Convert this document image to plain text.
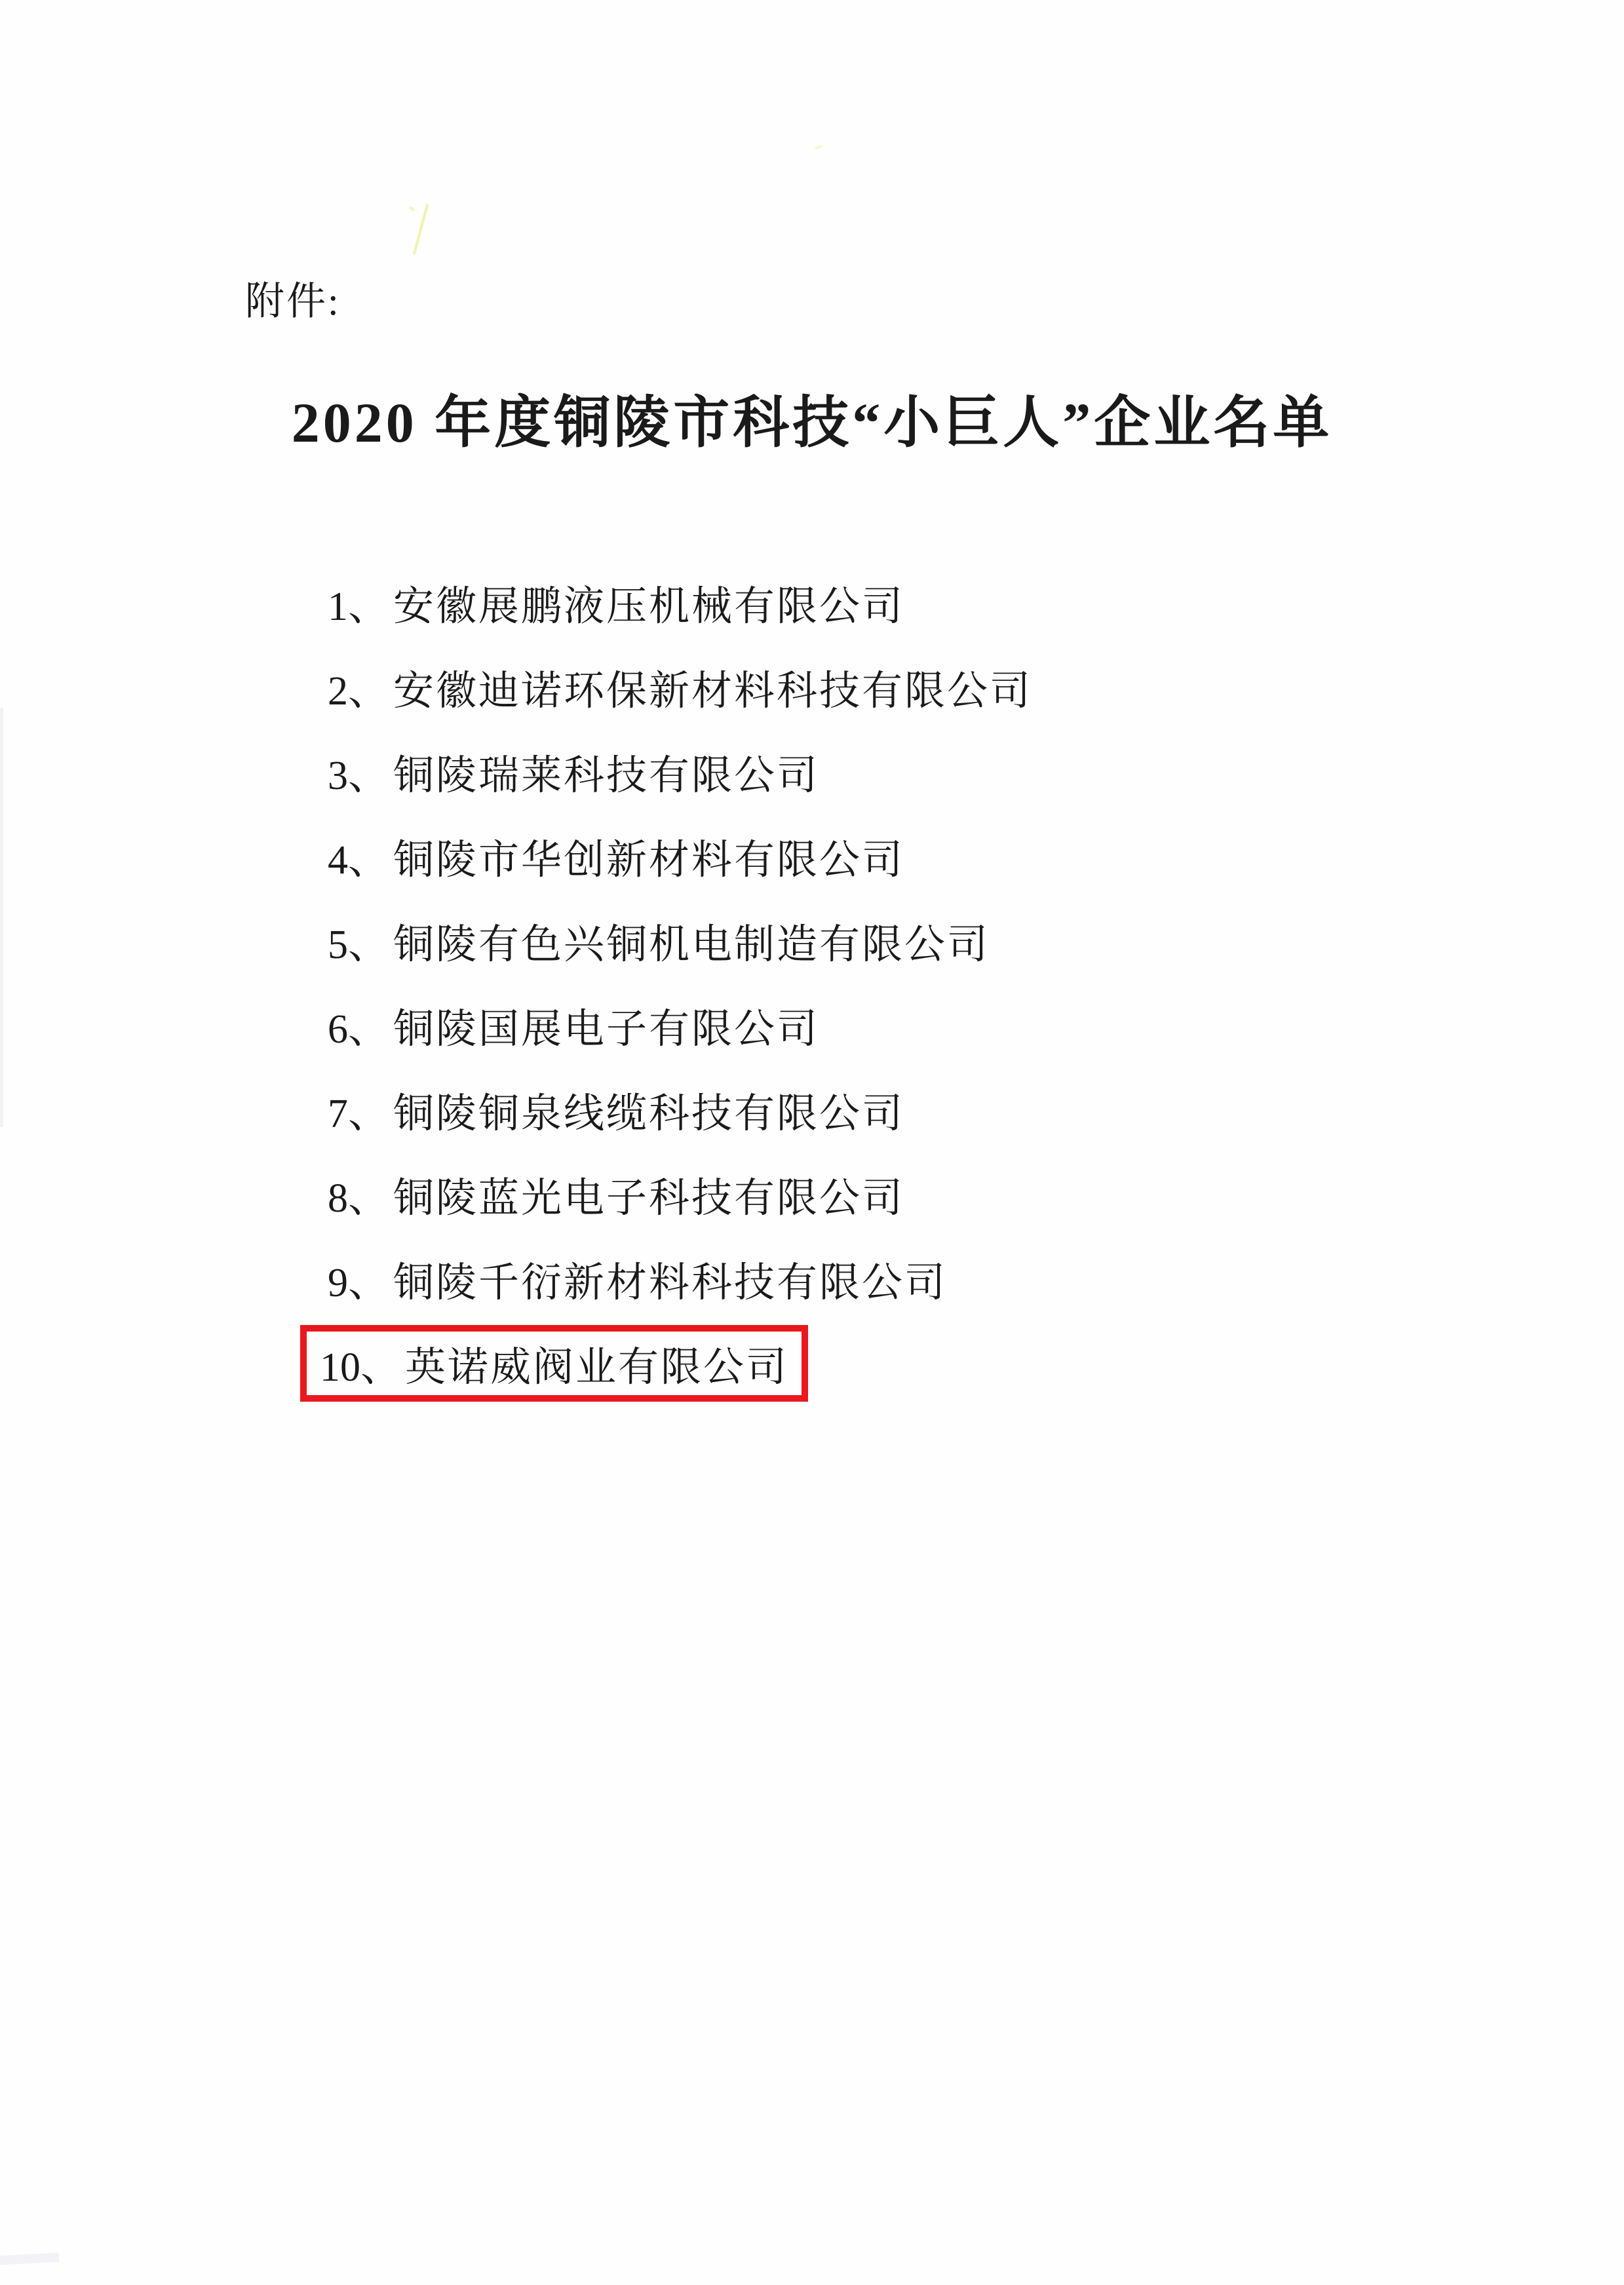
附件:
2020 年度铜陵市科技“小巨人”企业名单
1、 安徽展鹏液压机械有限公司
2、 安徽迪诺环保新材料科技有限公司
3、 铜陵瑞莱科技有限公司
4、 铜陵市华创新材料有限公司
5、 铜陵有色兴铜机电制造有限公司
6、 铜陵国展电子有限公司
7、 铜陵铜泉线缆科技有限公司
8、 铜陵蓝光电子科技有限公司
9、 铜陵千衍新材料科技有限公司
10、 英诺威阀业有限公司
